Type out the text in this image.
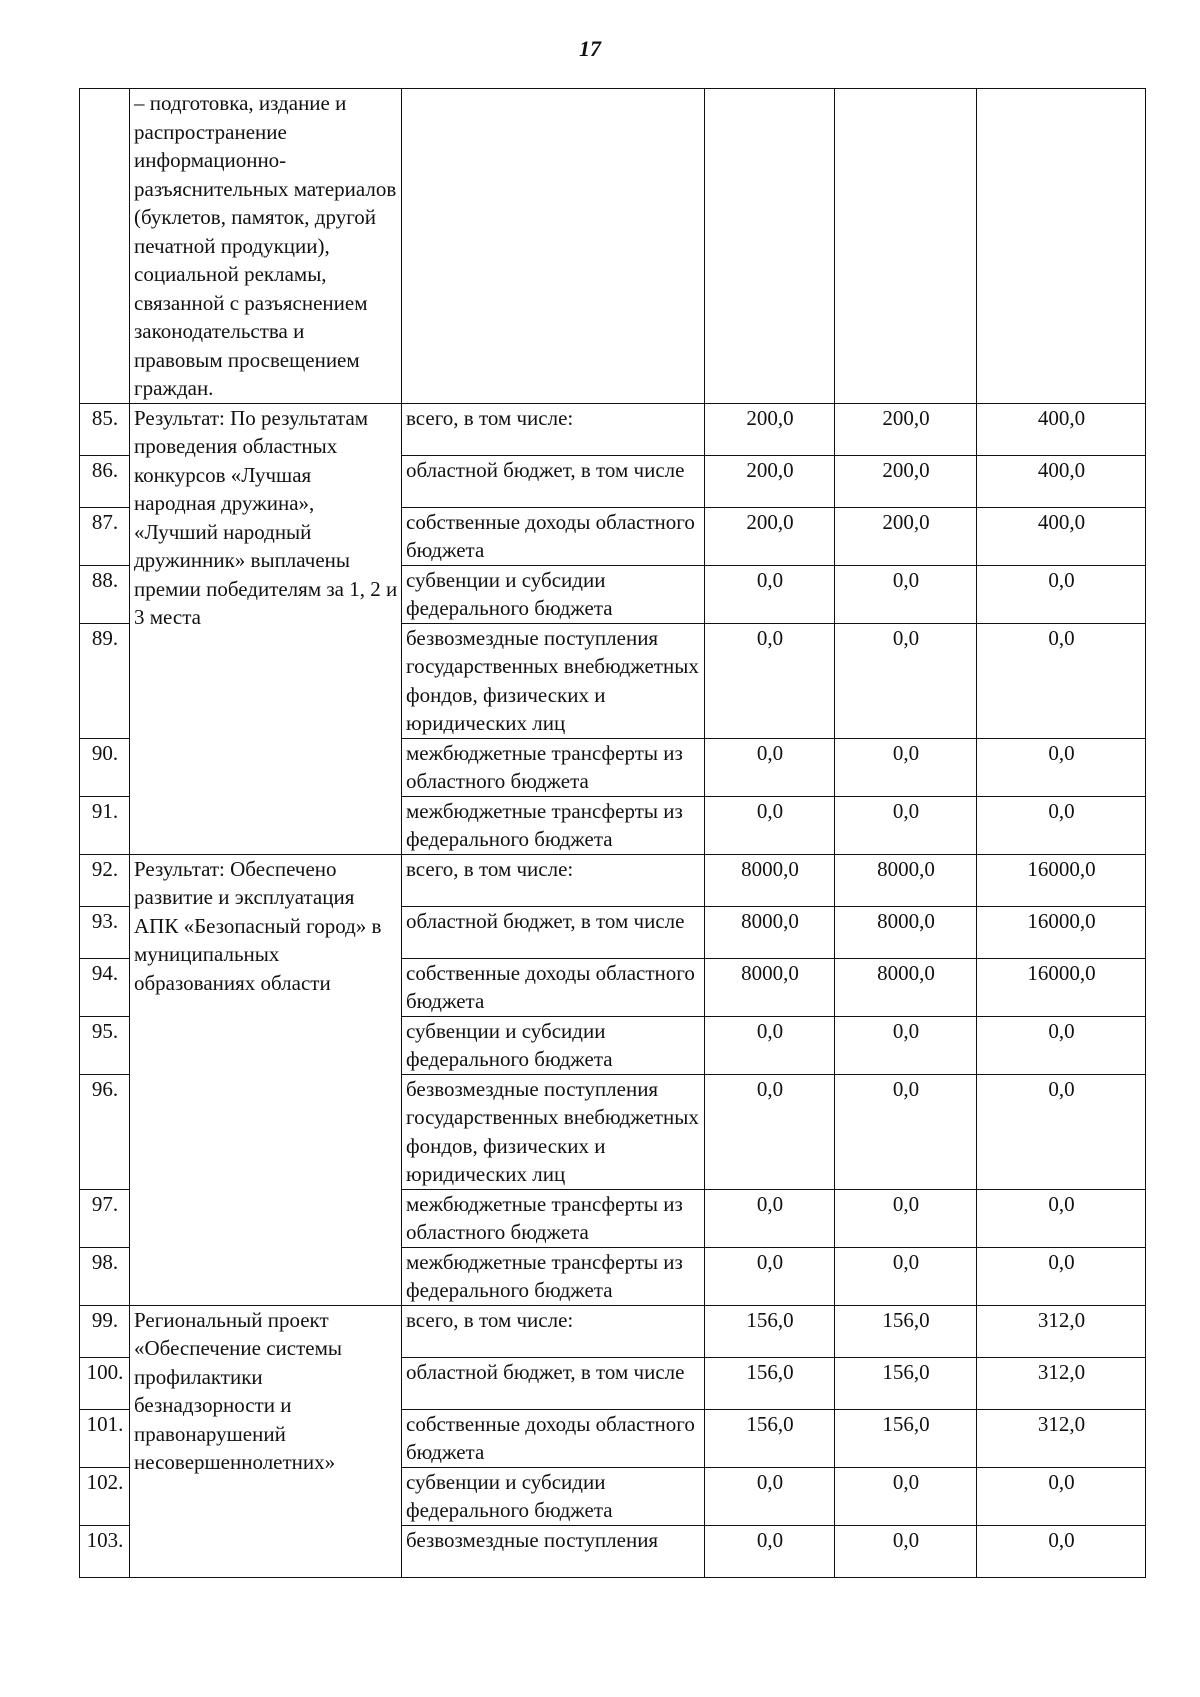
17
	– подготовка, издание и распространение информационно-разъяснительных материалов (буклетов, памяток, другой печатной продукции), социальной рекламы, связанной с разъяснением законодательства и правовым просвещением граждан.				
85.	Результат: По результатам проведения областных конкурсов «Лучшая народная дружина», «Лучший народный дружинник» выплачены премии победителям за 1, 2 и 3 места	всего, в том числе:	200,0	200,0	400,0
86.		областной бюджет, в том числе	200,0	200,0	400,0
87.		собственные доходы областного бюджета	200,0	200,0	400,0
88.		субвенции и субсидии федерального бюджета	0,0	0,0	0,0
89.		безвозмездные поступления государственных внебюджетных фондов, физических и юридических лиц	0,0	0,0	0,0
90.		межбюджетные трансферты из областного бюджета	0,0	0,0	0,0
91.		межбюджетные трансферты из федерального бюджета	0,0	0,0	0,0
92.	Результат: Обеспечено развитие и эксплуатация АПК «Безопасный город» в муниципальных образованиях области	всего, в том числе:	8000,0	8000,0	16000,0
93.		областной бюджет, в том числе	8000,0	8000,0	16000,0
94.		собственные доходы областного бюджета	8000,0	8000,0	16000,0
95.		субвенции и субсидии федерального бюджета	0,0	0,0	0,0
96.		безвозмездные поступления государственных внебюджетных фондов, физических и юридических лиц	0,0	0,0	0,0
97.		межбюджетные трансферты из областного бюджета	0,0	0,0	0,0
98.		межбюджетные трансферты из федерального бюджета	0,0	0,0	0,0
99.	Региональный проект «Обеспечение системы профилактики безнадзорности и правонарушений несовершеннолетних»	всего, в том числе:	156,0	156,0	312,0
100.		областной бюджет, в том числе	156,0	156,0	312,0
101.		собственные доходы областного бюджета	156,0	156,0	312,0
102.		субвенции и субсидии федерального бюджета	0,0	0,0	0,0
103.		безвозмездные поступления	0,0	0,0	0,0
